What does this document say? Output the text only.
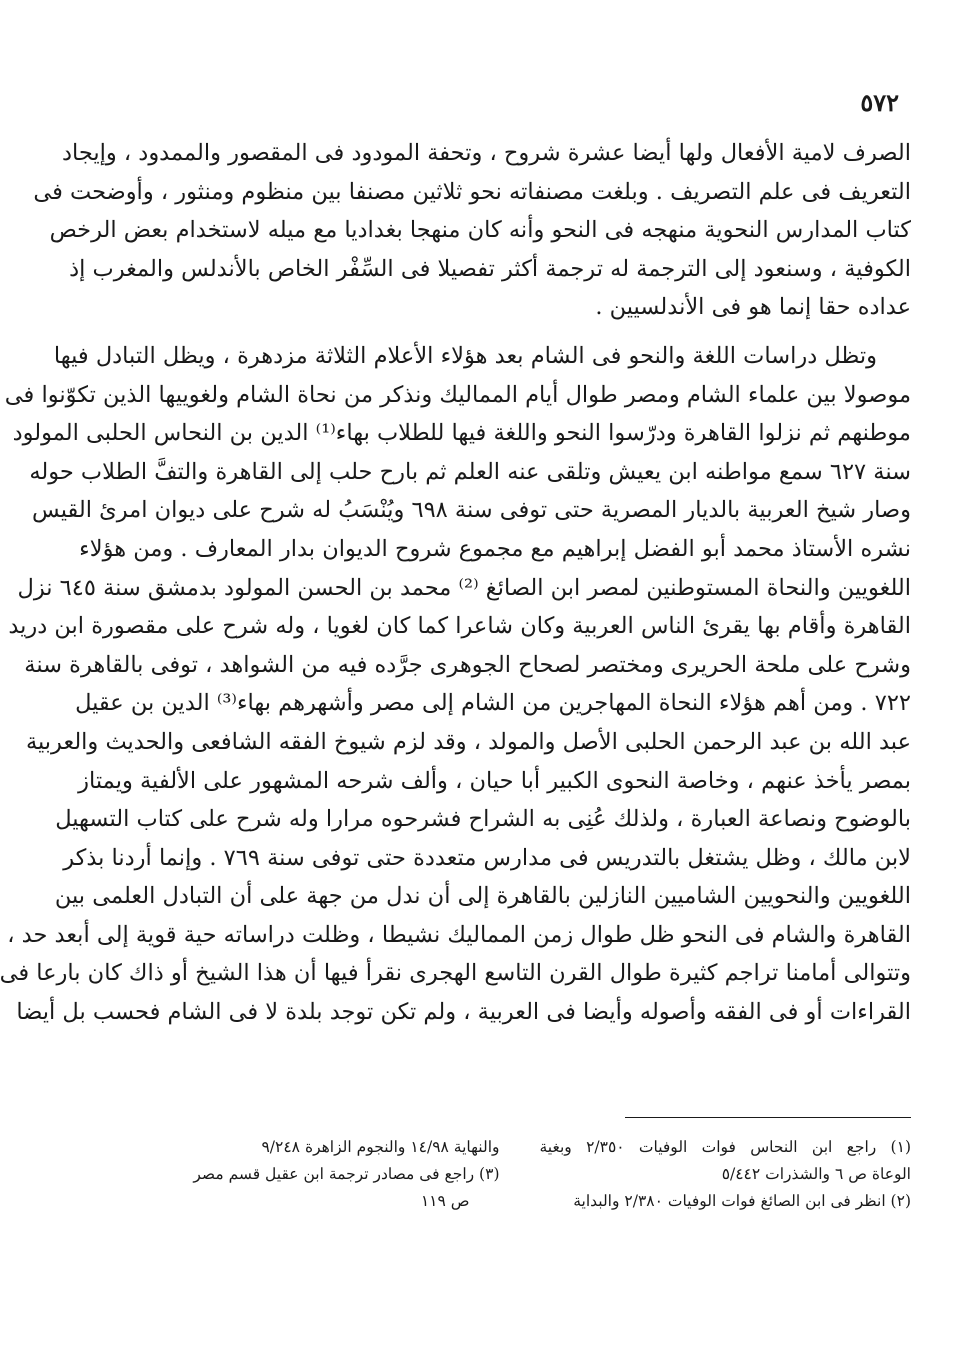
٥٧٢
الصرف لامية الأفعال ولها أيضا عشرة شروح ، وتحفة المودود فى المقصور والممدود ، وإيجاد
التعريف فى علم التصريف . وبلغت مصنفاته نحو ثلاثين مصنفا بين منظوم ومنثور ، وأوضحت فى
كتاب المدارس النحوية منهجه فى النحو وأنه كان منهجا بغداديا مع ميله لاستخدام بعض الرخص
الكوفية ، وسنعود إلى الترجمة له ترجمة أكثر تفصيلا فى السِّفْر الخاص بالأندلس والمغرب إذ
عداده حقا إنما هو فى الأندلسيين .
وتظل دراسات اللغة والنحو فى الشام بعد هؤلاء الأعلام الثلاثة مزدهرة ، ويظل التبادل فيها
موصولا بين علماء الشام ومصر طوال أيام المماليك ونذكر من نحاة الشام ولغوييها الذين تكوّنوا فى
موطنهم ثم نزلوا القاهرة ودرّسوا النحو واللغة فيها للطلاب بهاء⁽¹⁾ الدين بن النحاس الحلبى المولود
سنة ٦٢٧ سمع مواطنه ابن يعيش وتلقى عنه العلم ثم بارح حلب إلى القاهرة والتفَّ الطلاب حوله
وصار شيخ العربية بالديار المصرية حتى توفى سنة ٦٩٨ ويُنْسَبُ له شرح على ديوان امرئ القيس
نشره الأستاذ محمد أبو الفضل إبراهيم مع مجموع شروح الديوان بدار المعارف . ومن هؤلاء
اللغويين والنحاة المستوطنين لمصر ابن الصائغ ⁽²⁾ محمد بن الحسن المولود بدمشق سنة ٦٤٥ نزل
القاهرة وأقام بها يقرئ الناس العربية وكان شاعرا كما كان لغويا ، وله شرح على مقصورة ابن دريد
وشرح على ملحة الحريرى ومختصر لصحاح الجوهرى جرَّده فيه من الشواهد ، توفى بالقاهرة سنة
٧٢٢ . ومن أهم هؤلاء النحاة المهاجرين من الشام إلى مصر وأشهرهم بهاء⁽³⁾ الدين بن عقيل
عبد الله بن عبد الرحمن الحلبى الأصل والمولد ، وقد لزم شيوخ الفقه الشافعى والحديث والعربية
بمصر يأخذ عنهم ، وخاصة النحوى الكبير أبا حيان ، وألف شرحه المشهور على الألفية ويمتاز
بالوضوح ونصاعة العبارة ، ولذلك عُنِى به الشراح فشرحوه مرارا وله شرح على كتاب التسهيل
لابن مالك ، وظل يشتغل بالتدريس فى مدارس متعددة حتى توفى سنة ٧٦٩ . وإنما أردنا بذكر
اللغويين والنحويين الشاميين النازلين بالقاهرة إلى أن ندل من جهة على أن التبادل العلمى بين
القاهرة والشام فى النحو ظل طوال زمن المماليك نشيطا ، وظلت دراساته حية قوية إلى أبعد حد ،
وتتوالى أمامنا تراجم كثيرة طوال القرن التاسع الهجرى نقرأ فيها أن هذا الشيخ أو ذاك كان بارعا فى
القراءات أو فى الفقه وأصوله وأيضا فى العربية ، ولم تكن توجد بلدة لا فى الشام فحسب بل أيضا
(١) راجع ابن النحاس فوات الوفيات ٢/٣٥٠ وبغية
الوعاة ص ٦ والشذرات ٥/٤٤٢
(٢) انظر فى ابن الصائغ فوات الوفيات ٢/٣٨٠ والبداية
والنهاية ١٤/٩٨ والنجوم الزاهرة ٩/٢٤٨
(٣) راجع فى مصادر ترجمة ابن عقيل قسم مصر
ص ١١٩
